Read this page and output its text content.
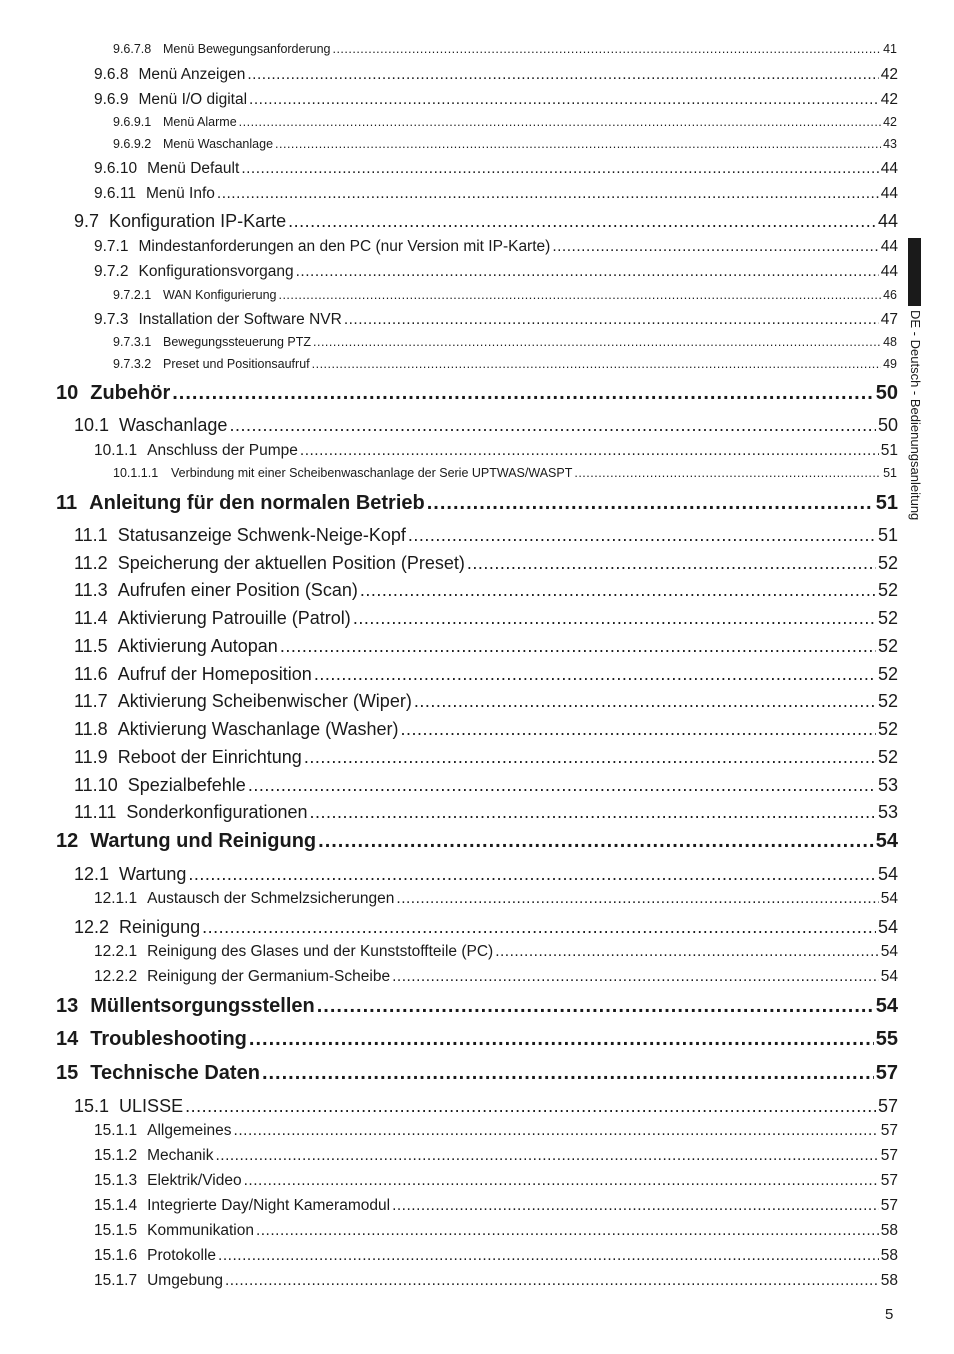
9.6.7.8 Menü Bewegungsanforderung .....	41
9.6.8 Menü Anzeigen .....	42
9.6.9 Menü I/O digital .....	42
9.6.9.1 Menü Alarme .....	42
9.6.9.2 Menü Waschanlage .....	43
9.6.10 Menü Default .....	44
9.6.11 Menü Info .....	44
9.7 Konfiguration IP-Karte .....	44
9.7.1 Mindestanforderungen an den PC (nur Version mit IP-Karte) .....	44
9.7.2 Konfigurationsvorgang .....	44
9.7.2.1 WAN Konfigurierung .....	46
9.7.3 Installation der Software NVR .....	47
9.7.3.1 Bewegungssteuerung PTZ .....	48
9.7.3.2 Preset und Positionsaufruf .....	49
10 Zubehör .....	50
10.1 Waschanlage .....	50
10.1.1 Anschluss der Pumpe .....	51
10.1.1.1	Verbindung mit einer Scheibenwaschanlage der Serie UPTWAS/WASPT .....	51
11 Anleitung für den normalen Betrieb .....	51
11.1 Statusanzeige Schwenk-Neige-Kopf .....	51
11.2 Speicherung der aktuellen Position (Preset) .....	52
11.3 Aufrufen einer Position (Scan) .....	52
11.4 Aktivierung Patrouille (Patrol) .....	52
11.5 Aktivierung Autopan .....	52
11.6 Aufruf der Homeposition .....	52
11.7 Aktivierung Scheibenwischer (Wiper) .....	52
11.8 Aktivierung Waschanlage (Washer) .....	52
11.9 Reboot der Einrichtung .....	52
11.10 Spezialbefehle .....	53
11.11 Sonderkonfigurationen .....	53
12 Wartung und Reinigung .....	54
12.1 Wartung .....	54
12.1.1 Austausch der Schmelzsicherungen .....	54
12.2 Reinigung .....	54
12.2.1 Reinigung des Glases und der Kunststoffteile (PC) .....	54
12.2.2 Reinigung der Germanium-Scheibe .....	54
13 Müllentsorgungsstellen .....	54
14 Troubleshooting .....	55
15 Technische Daten .....	57
15.1 ULISSE .....	57
15.1.1 Allgemeines .....	57
15.1.2 Mechanik .....	57
15.1.3 Elektrik/Video .....	57
15.1.4 Integrierte Day/Night Kameramodul .....	57
15.1.5 Kommunikation .....	58
15.1.6 Protokolle .....	58
15.1.7 Umgebung .....	58
DE - Deutsch - Bedienungsanleitung
5
